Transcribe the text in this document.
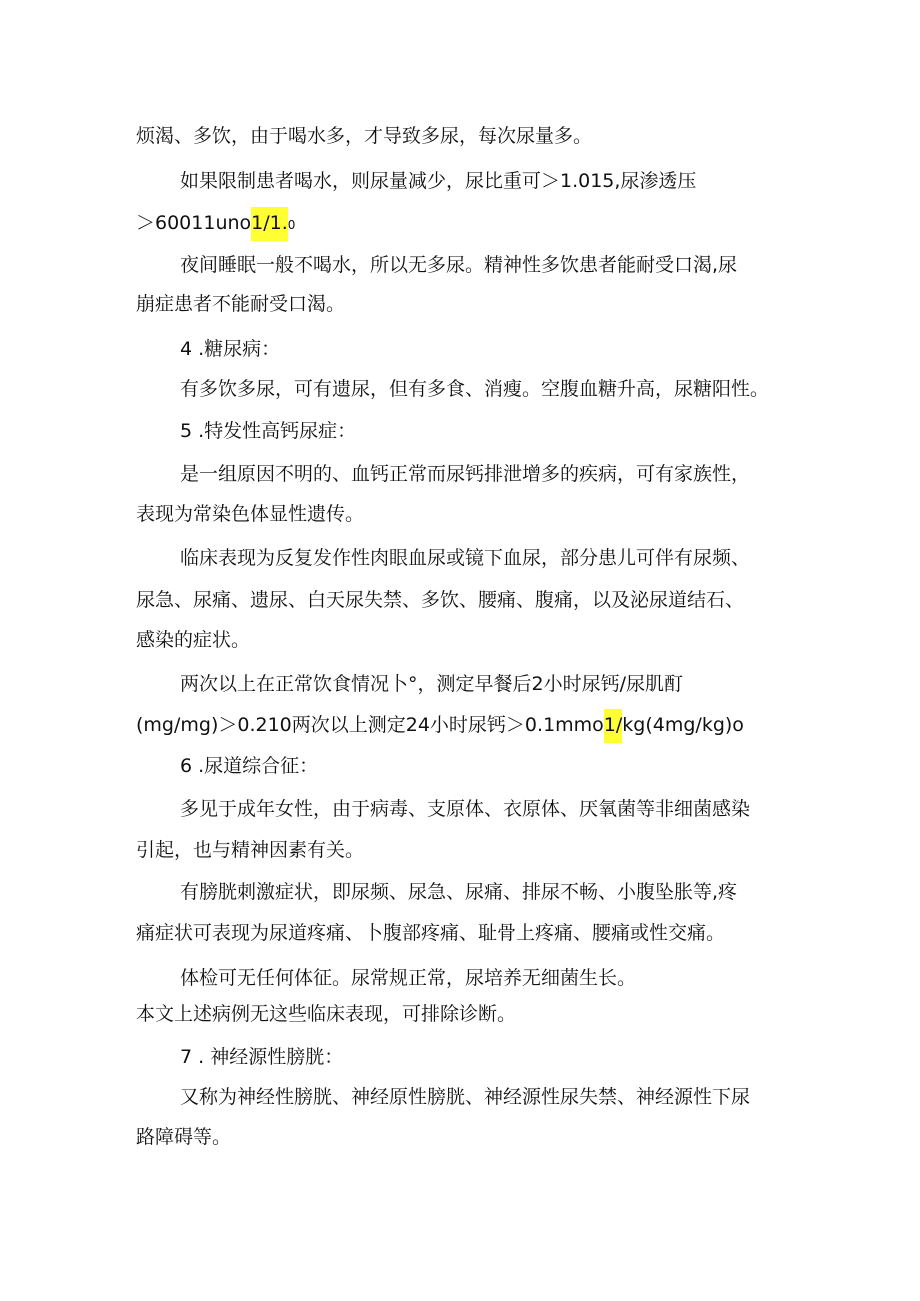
烦渴、多饮，由于喝水多，才导致多尿，每次尿量多。
如果限制患者喝水，则尿量减少，尿比重可＞1.015,尿渗透压
＞60011uno1/1.0
夜间睡眠一般不喝水，所以无多尿。精神性多饮患者能耐受口渴,尿
崩症患者不能耐受口渴。
4 .糖尿病：
有多饮多尿，可有遗尿，但有多食、消瘦。空腹血糖升高，尿糖阳性。
5 .特发性高钙尿症：
是一组原因不明的、血钙正常而尿钙排泄增多的疾病，可有家族性，
表现为常染色体显性遗传。
临床表现为反复发作性肉眼血尿或镜下血尿，部分患儿可伴有尿频、
尿急、尿痛、遗尿、白天尿失禁、多饮、腰痛、腹痛，以及泌尿道结石、
感染的症状。
两次以上在正常饮食情况卜°，测定早餐后2小时尿钙/尿肌酊
(mg/mg)＞0.210两次以上测定24小时尿钙＞0.1mmo1/kg(4mg/kg)o
6 .尿道综合征：
多见于成年女性，由于病毒、支原体、衣原体、厌氧菌等非细菌感染
引起，也与精神因素有关。
有膀胱刺激症状，即尿频、尿急、尿痛、排尿不畅、小腹坠胀等,疼
痛症状可表现为尿道疼痛、卜腹部疼痛、耻骨上疼痛、腰痛或性交痛。
体检可无任何体征。尿常规正常，尿培养无细菌生长。
本文上述病例无这些临床表现，可排除诊断。
7 . 神经源性膀胱：
又称为神经性膀胱、神经原性膀胱、神经源性尿失禁、神经源性下尿
路障碍等。
